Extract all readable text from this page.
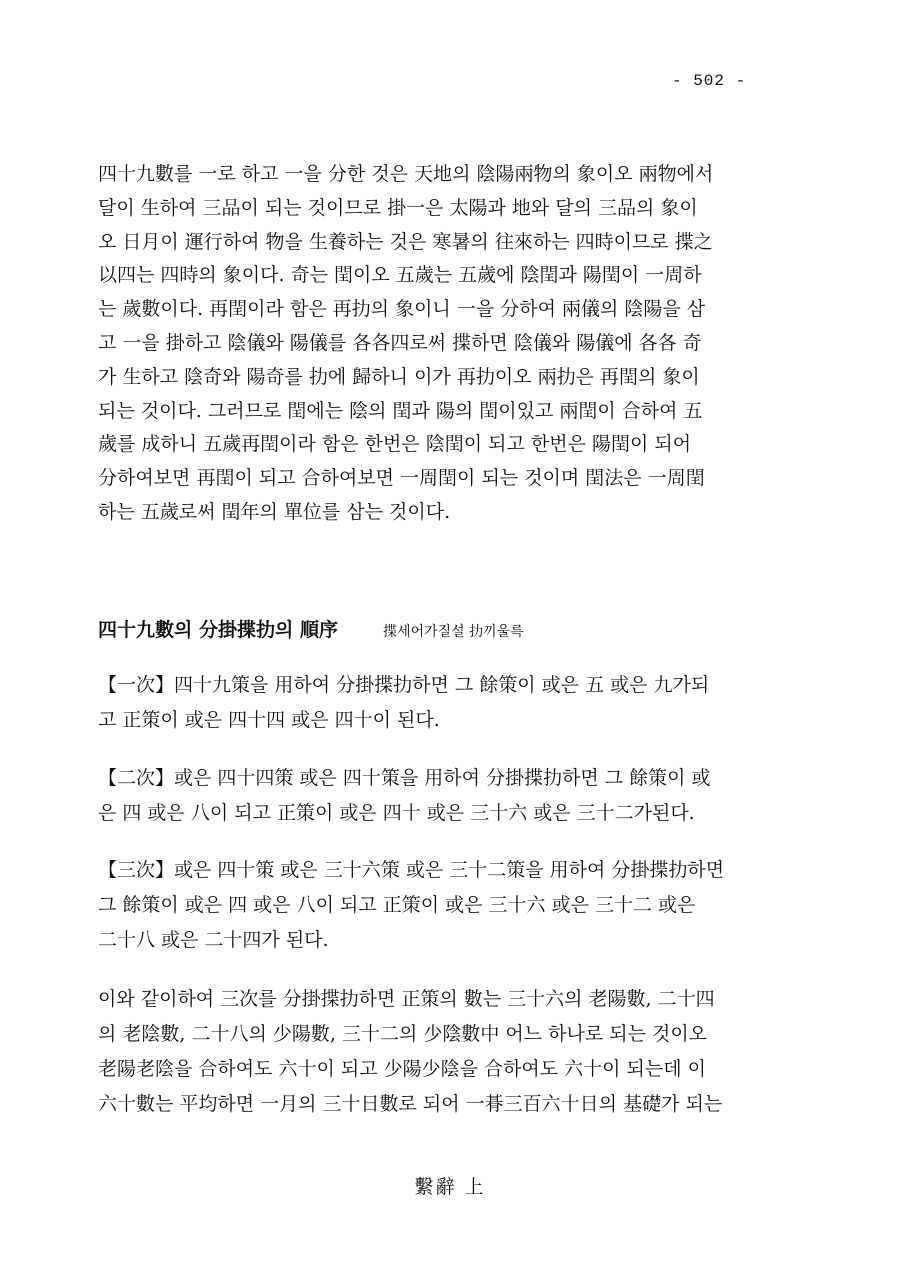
- 502 -
四十九數를 一로 하고 一을 分한 것은 天地의 陰陽兩物의 象이오 兩物에서
달이 生하여 三品이 되는 것이므로 掛一은 太陽과 地와 달의 三品의 象이
오 日月이 運行하여 物을 生養하는 것은 寒暑의 往來하는 四時이므로 揲之
以四는 四時의 象이다. 奇는 閏이오 五歲는 五歲에 陰閏과 陽閏이 一周하
는 歲數이다. 再閏이라 함은 再扐의 象이니 一을 分하여 兩儀의 陰陽을 삼
고 一을 掛하고 陰儀와 陽儀를 各各四로써 揲하면 陰儀와 陽儀에 各各 奇
가 生하고 陰奇와 陽奇를 扐에 歸하니 이가 再扐이오 兩扐은 再閏의 象이
되는 것이다. 그러므로 閏에는 陰의 閏과 陽의 閏이있고 兩閏이 合하여 五
歲를 成하니 五歲再閏이라 함은 한번은 陰閏이 되고 한번은 陽閏이 되어
分하여보면 再閏이 되고 合하여보면 一周閏이 되는 것이며 閏法은 一周閏
하는 五歲로써 閏年의 單位를 삼는 것이다.
四十九數의 分掛揲扐의 順序	揲세어가질설 扐끼울륵
【一次】四十九策을 用하여 分掛揲扐하면 그 餘策이 或은 五 或은 九가되
고 正策이 或은 四十四 或은 四十이 된다.
【二次】或은 四十四策 或은 四十策을 用하여 分掛揲扐하면 그 餘策이 或
은 四 或은 八이 되고 正策이 或은 四十 或은 三十六 或은 三十二가된다.
【三次】或은 四十策 或은 三十六策 或은 三十二策을 用하여 分掛揲扐하면
그 餘策이 或은 四 或은 八이 되고 正策이 或은 三十六 或은 三十二 或은
二十八 或은 二十四가 된다.
이와 같이하여 三次를 分掛揲扐하면 正策의 數는 三十六의 老陽數, 二十四
의 老陰數, 二十八의 少陽數, 三十二의 少陰數中 어느 하나로 되는 것이오
老陽老陰을 合하여도 六十이 되고 少陽少陰을 合하여도 六十이 되는데 이
六十數는 平均하면 一月의 三十日數로 되어 一朞三百六十日의 基礎가 되는
繫辭 上
